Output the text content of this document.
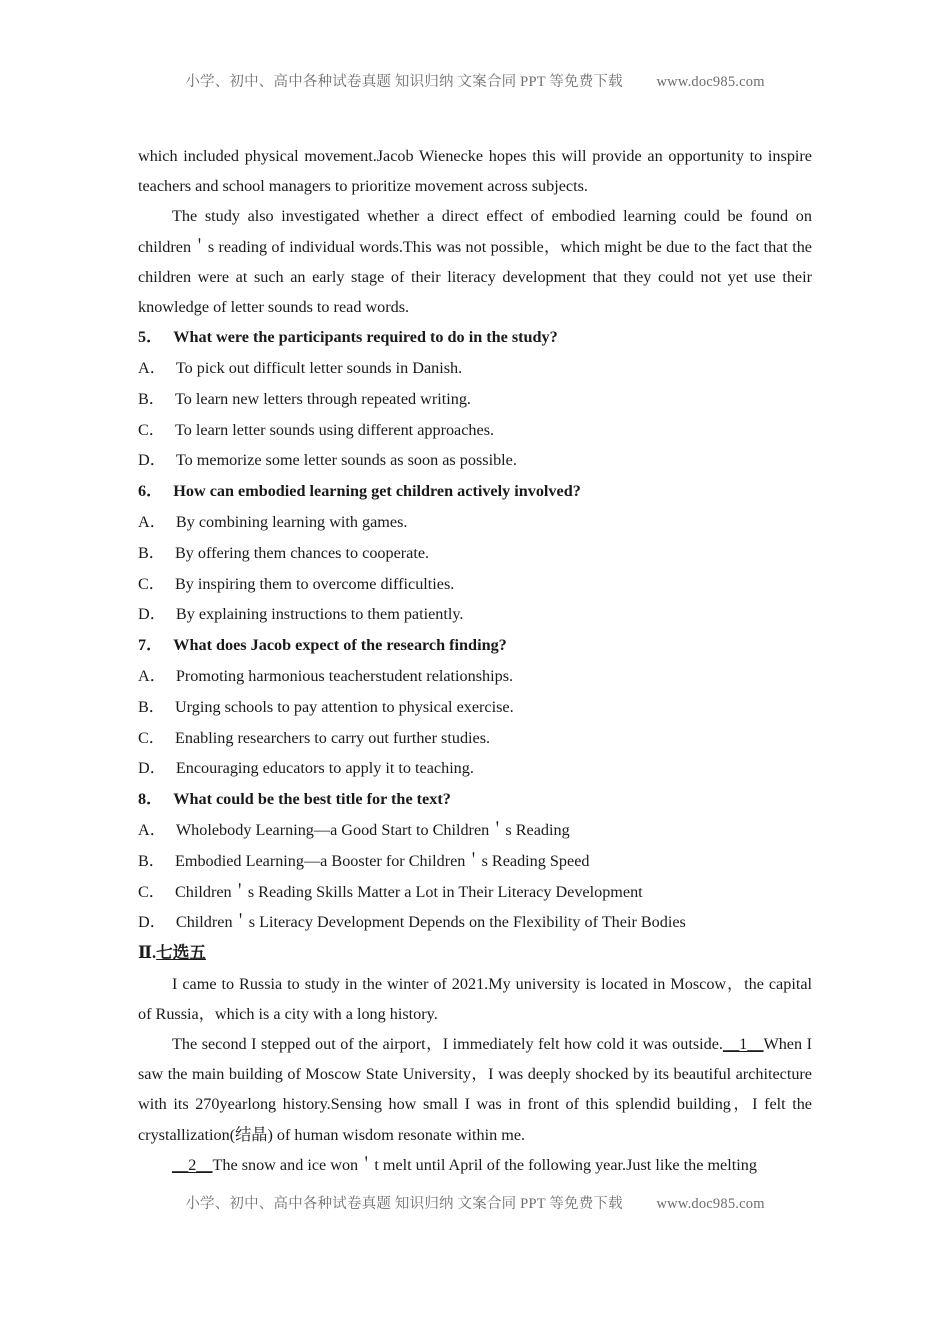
小学、初中、高中各种试卷真题 知识归纳 文案合同 PPT 等免费下载 www.doc985.com

which included physical movement.Jacob Wienecke hopes this will provide an opportunity to inspire teachers and school managers to prioritize movement across subjects.

The study also investigated whether a direct effect of embodied learning could be found on children＇s reading of individual words.This was not possible，which might be due to the fact that the children were at such an early stage of their literacy development that they could not yet use their knowledge of letter sounds to read words.

5． What were the participants required to do in the study?

A． To pick out difficult letter sounds in Danish.

B． To learn new letters through repeated writing.

C． To learn letter sounds using different approaches.

D． To memorize some letter sounds as soon as possible.

6． How can embodied learning get children actively involved?

A． By combining learning with games.

B． By offering them chances to cooperate.

C． By inspiring them to overcome difficulties.

D． By explaining instructions to them patiently.

7． What does Jacob expect of the research finding?

A． Promoting harmonious teacherstudent relationships.

B． Urging schools to pay attention to physical exercise.

C． Enabling researchers to carry out further studies.

D． Encouraging educators to apply it to teaching.

8． What could be the best title for the text?

A． Wholebody Learning—a Good Start to Children＇s Reading

B． Embodied Learning—a Booster for Children＇s Reading Speed

C． Children＇s Reading Skills Matter a Lot in Their Literacy Development

D． Children＇s Literacy Development Depends on the Flexibility of Their Bodies

Ⅱ.七选五

I came to Russia to study in the winter of 2021.My university is located in Moscow，the capital of Russia，which is a city with a long history.

The second I stepped out of the airport，I immediately felt how cold it was outside.__1__When I saw the main building of Moscow State University，I was deeply shocked by its beautiful architecture with its 270yearlong history.Sensing how small I was in front of this splendid building，I felt the crystallization(结晶) of human wisdom resonate within me.

__2__The snow and ice won＇t melt until April of the following year.Just like the melting

小学、初中、高中各种试卷真题 知识归纳 文案合同 PPT 等免费下载 www.doc985.com
